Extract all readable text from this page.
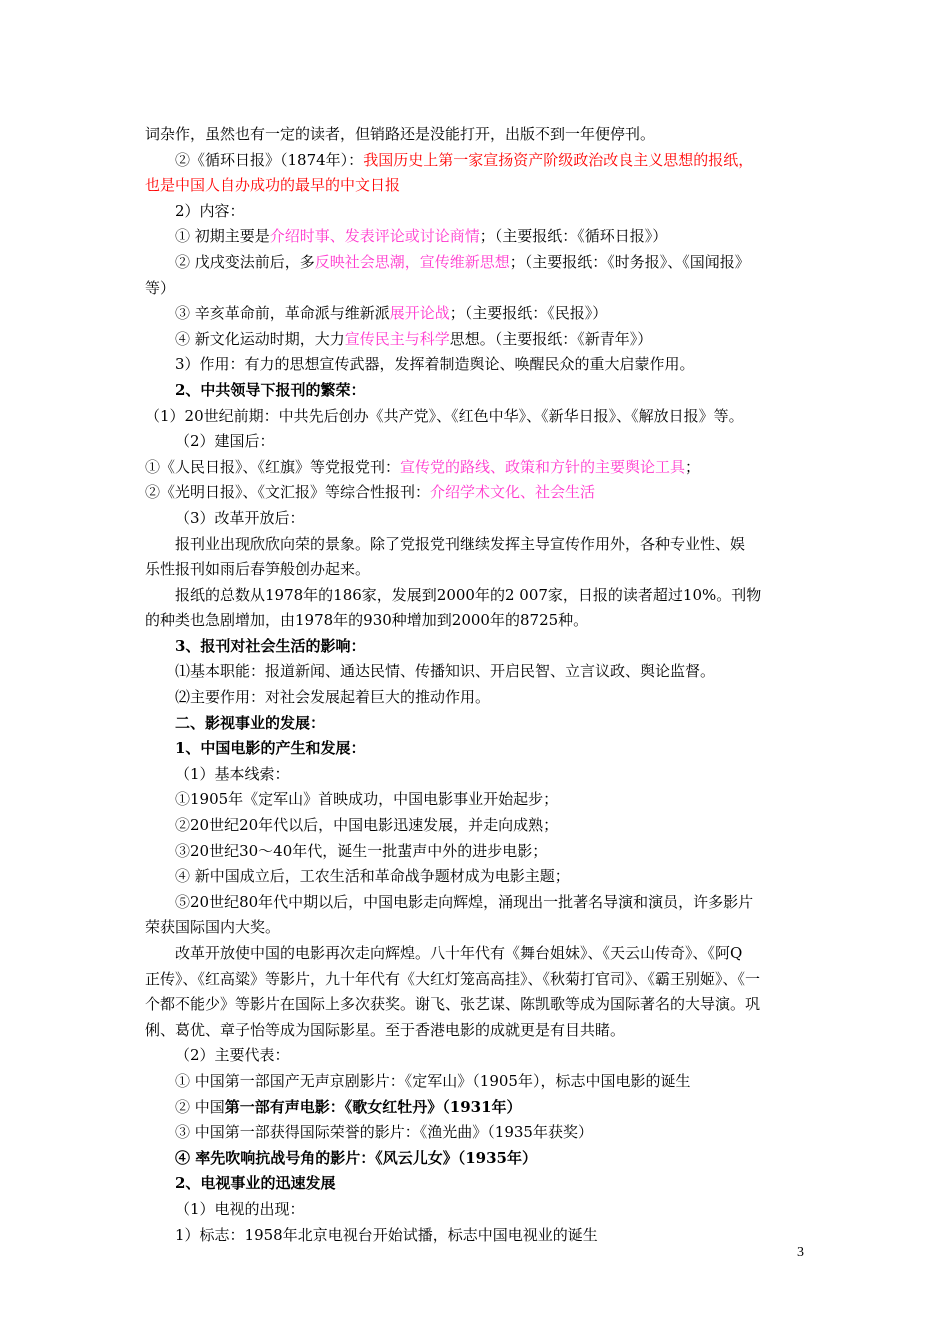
词杂作，虽然也有一定的读者，但销路还是没能打开，出版不到一年便停刊。
②《循环日报》（1874年）：我国历史上第一家宣扬资产阶级政治改良主义思想的报纸，
也是中国人自办成功的最早的中文日报
2）内容：
① 初期主要是介绍时事、发表评论或讨论商情；（主要报纸：《循环日报》）
② 戊戌变法前后，多反映社会思潮，宣传维新思想；（主要报纸：《时务报》、《国闻报》
等）
③ 辛亥革命前，革命派与维新派展开论战；（主要报纸：《民报》）
④ 新文化运动时期，大力宣传民主与科学思想。（主要报纸：《新青年》）
3）作用：有力的思想宣传武器，发挥着制造舆论、唤醒民众的重大启蒙作用。
2、中共领导下报刊的繁荣：
（1）20世纪前期：中共先后创办《共产党》、《红色中华》、《新华日报》、《解放日报》等。
（2）建国后：
①《人民日报》、《红旗》等党报党刊：宣传党的路线、政策和方针的主要舆论工具；
②《光明日报》、《文汇报》等综合性报刊：介绍学术文化、社会生活
（3）改革开放后：
报刊业出现欣欣向荣的景象。除了党报党刊继续发挥主导宣传作用外，各种专业性、娱
乐性报刊如雨后春笋般创办起来。
报纸的总数从1978年的186家，发展到2000年的2 007家，日报的读者超过10%。刊物
的种类也急剧增加，由1978年的930种增加到2000年的8725种。
3、报刊对社会生活的影响：
⑴基本职能：报道新闻、通达民情、传播知识、开启民智、立言议政、舆论监督。
⑵主要作用：对社会发展起着巨大的推动作用。
二、影视事业的发展：
1、中国电影的产生和发展：
（1）基本线索：
①1905年《定军山》首映成功，中国电影事业开始起步；
②20世纪20年代以后，中国电影迅速发展，并走向成熟；
③20世纪30～40年代，诞生一批蜚声中外的进步电影；
④ 新中国成立后，工农生活和革命战争题材成为电影主题；
⑤20世纪80年代中期以后，中国电影走向辉煌，涌现出一批著名导演和演员，许多影片
荣获国际国内大奖。
改革开放使中国的电影再次走向辉煌。八十年代有《舞台姐妹》、《天云山传奇》、《阿Q
正传》、《红高粱》等影片，九十年代有《大红灯笼高高挂》、《秋菊打官司》、《霸王别姬》、《一
个都不能少》等影片在国际上多次获奖。谢飞、张艺谋、陈凯歌等成为国际著名的大导演。巩
俐、葛优、章子怡等成为国际影星。至于香港电影的成就更是有目共睹。
（2）主要代表：
① 中国第一部国产无声京剧影片：《定军山》（1905年），标志中国电影的诞生
② 中国第一部有声电影：《歌女红牡丹》（1931年）
③ 中国第一部获得国际荣誉的影片：《渔光曲》（1935年获奖）
④ 率先吹响抗战号角的影片：《风云儿女》（1935年）
2、电视事业的迅速发展
（1）电视的出现：
1）标志：1958年北京电视台开始试播，标志中国电视业的诞生
3
